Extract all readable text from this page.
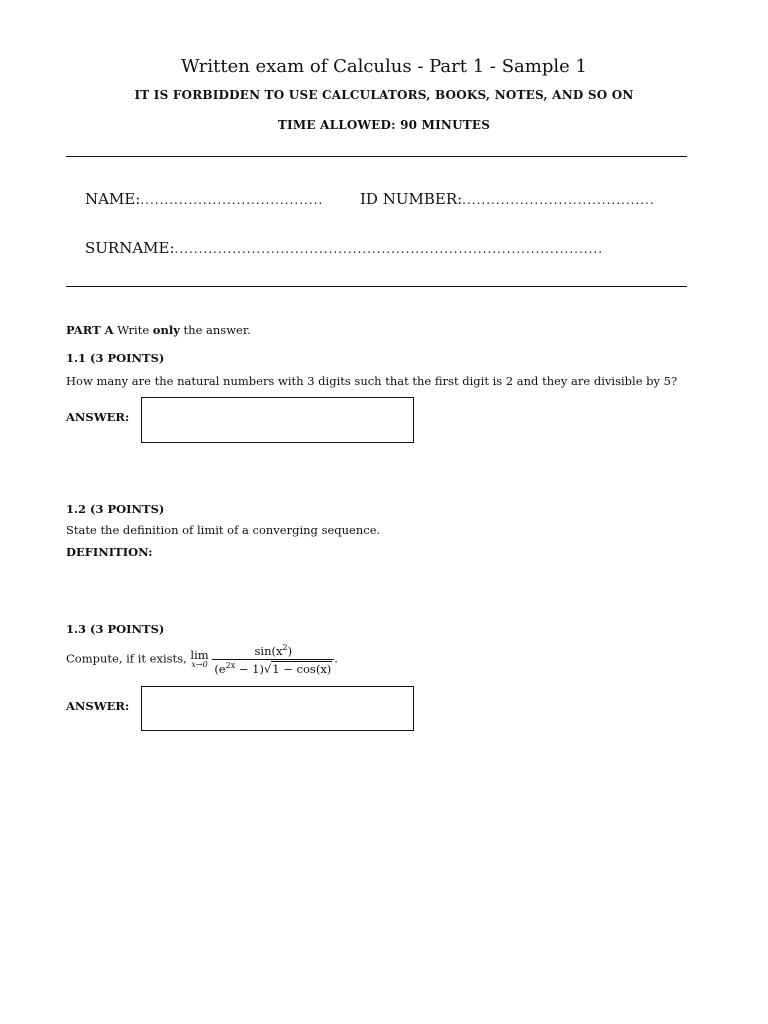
Written exam of Calculus - Part 1 - Sample 1
IT IS FORBIDDEN TO USE CALCULATORS, BOOKS, NOTES, AND SO ON
TIME ALLOWED: 90 MINUTES
NAME:......................................	ID NUMBER:........................................
SURNAME:.........................................................................................
PART A Write only the answer.
1.1 (3 POINTS)
How many are the natural numbers with 3 digits such that the first digit is 2 and they are divisible by 5?
ANSWER:
1.2 (3 POINTS)
State the definition of limit of a converging sequence.
DEFINITION:
1.3 (3 POINTS)
Compute, if it exists, lim
x→0
$\frac{\sin(x^2)}{(e^{2x} - 1)√1 - \cos(x)}$ .
ANSWER:
